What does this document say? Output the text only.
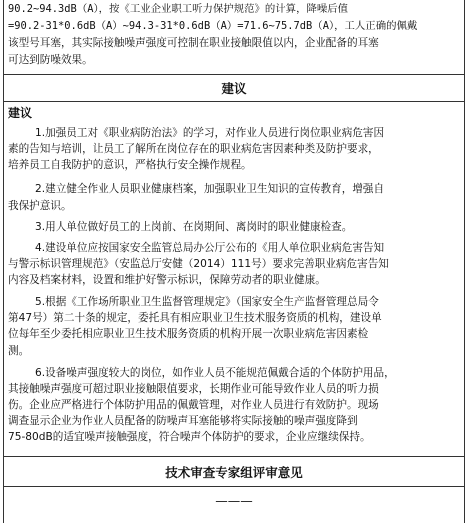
90.2~94.3dB（A），按《工业企业职工听力保护规范》的计算，降噪后值

=90.2-31*0.6dB（A）~94.3-31*0.6dB（A）=71.6~75.7dB（A），工人正确的佩戴

该型号耳塞，其实际接触噪声强度可控制在职业接触限值以内，企业配备的耳塞

可达到防噪效果。

建议
建议

1.加强员工对《职业病防治法》的学习，对作业人员进行岗位职业病危害因

素的告知与培训，让员工了解所在岗位存在的职业病危害因素种类及防护要求，

培养员工自我防护的意识，严格执行安全操作规程。

2.建立健全作业人员职业健康档案，加强职业卫生知识的宣传教育，增强自

我保护意识。

3.用人单位做好员工的上岗前、在岗期间、离岗时的职业健康检查。

4.建设单位应按国家安全监管总局办公厅公布的《用人单位职业病危害告知

与警示标识管理规范》（安监总厅安健（2014）111号）要求完善职业病危害告知

内容及档案材料，设置和维护好警示标识，保障劳动者的职业健康。

5.根据《工作场所职业卫生监督管理规定》（国家安全生产监督管理总局令

第47号）第二十条的规定，委托具有相应职业卫生技术服务资质的机构，建设单

位每年至少委托相应职业卫生技术服务资质的机构开展一次职业病危害因素检

测。

6.设备噪声强度较大的岗位，如作业人员不能规范佩戴合适的个体防护用品，

其接触噪声强度可超过职业接触限值要求，长期作业可能导致作业人员的听力损

伤。企业应严格进行个体防护用品的佩戴管理，对作业人员进行有效防护。现场

调查显示企业为作业人员配备的防噪声耳塞能够将实际接触的噪声强度降到

75-80dB的适宜噪声接触强度，符合噪声个体防护的要求，企业应继续保持。

技术审查专家组评审意见
———
